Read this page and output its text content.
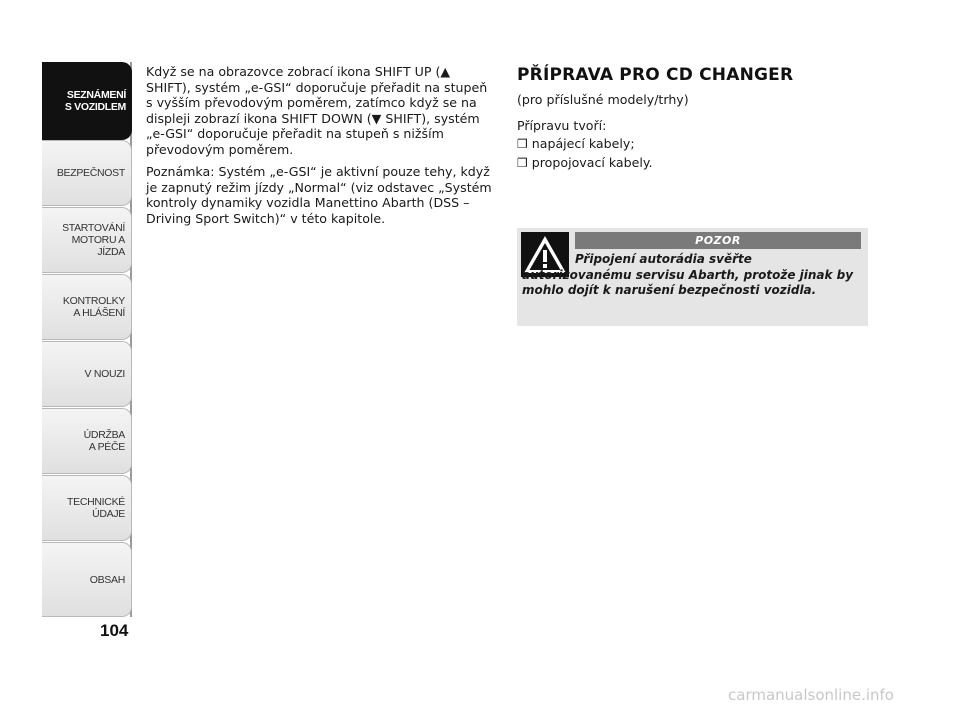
SEZNÁMENÍ
S VOZIDLEM
BEZPEČNOST
STARTOVÁNÍ
MOTORU A JÍZDA
KONTROLKY
A HLÁŠENÍ
V NOUZI
ÚDRŽBA
A PÉČE
TECHNICKÉ
ÚDAJE
OBSAH
104

Když se na obrazovce zobrací ikona SHIFT UP (▲ SHIFT), systém „e-GSI“ doporučuje přeřadit na stupeň s vyšším převodovým poměrem, zatímco když se na displeji zobrazí ikona SHIFT DOWN (▼ SHIFT), systém „e-GSI“ doporučuje přeřadit na stupeň s nižším převodovým poměrem.

Poznámka: Systém „e-GSI“ je aktivní pouze tehy, když je zapnutý režim jízdy „Normal“ (viz odstavec „Systém kontroly dynamiky vozidla Manettino Abarth (DSS – Driving Sport Switch)“ v této kapitole.

PŘÍPRAVA PRO CD CHANGER
(pro příslušné modely/trhy)
Přípravu tvoří:
❒ napájecí kabely;
❒ propojovací kabely.
POZOR
Připojení autorádia svěřte autorizovanému servisu Abarth, protože jinak by mohlo dojít k narušení bezpečnosti vozidla.
carmanualsonline.info
